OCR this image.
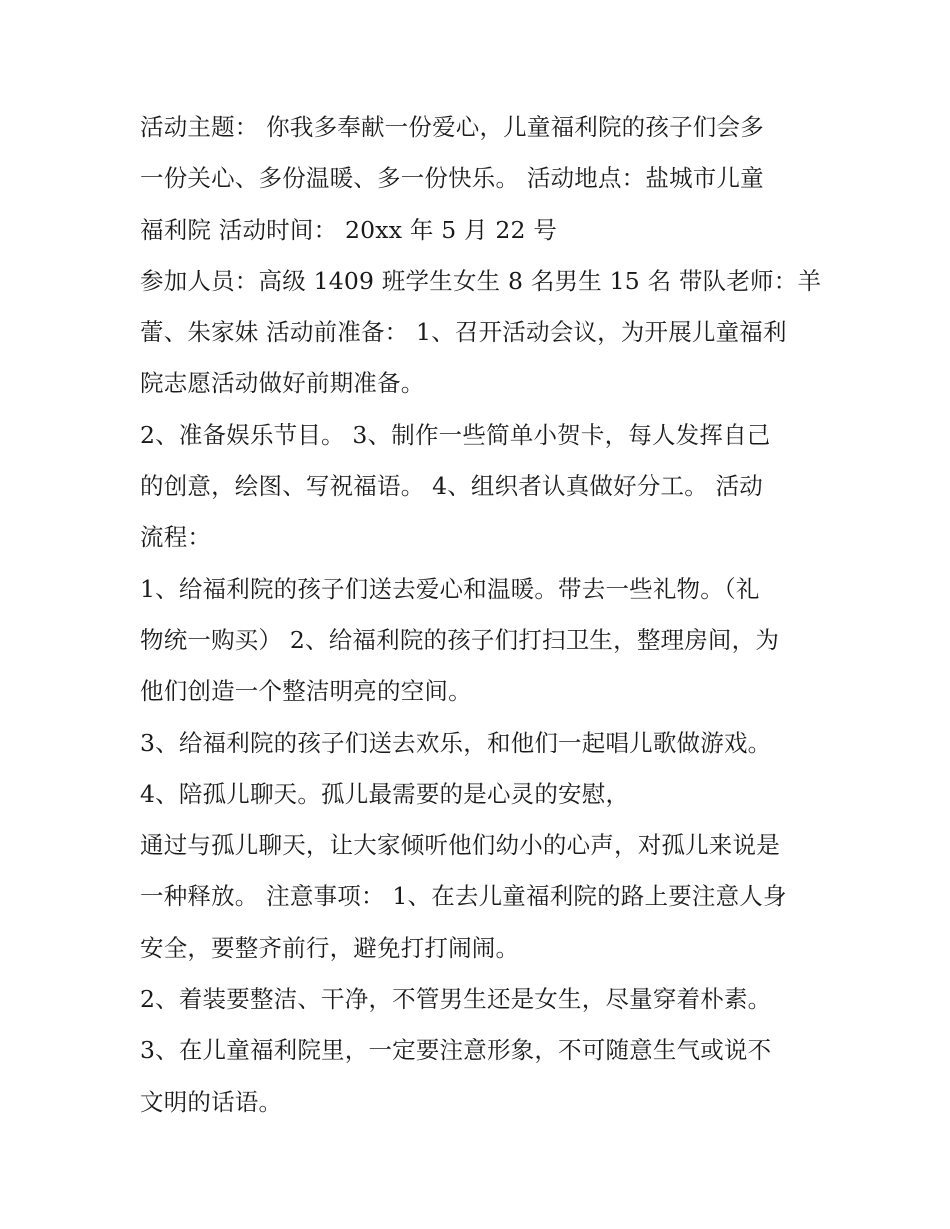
活动主题： 你我多奉献一份爱心，儿童福利院的孩子们会多
一份关心、多份温暖、多一份快乐。 活动地点：盐城市儿童
福利院 活动时间： 20xx 年 5 月 22 号
参加人员：高级 1409 班学生女生 8 名男生 15 名 带队老师：羊
蕾、朱家妹 活动前准备： 1、召开活动会议，为开展儿童福利
院志愿活动做好前期准备。
2、准备娱乐节目。 3、制作一些简单小贺卡，每人发挥自己
的创意，绘图、写祝福语。 4、组织者认真做好分工。 活动
流程：
1、给福利院的孩子们送去爱心和温暖。带去一些礼物。（礼
物统一购买） 2、给福利院的孩子们打扫卫生，整理房间，为
他们创造一个整洁明亮的空间。
3、给福利院的孩子们送去欢乐，和他们一起唱儿歌做游戏。
4、陪孤儿聊天。孤儿最需要的是心灵的安慰，
通过与孤儿聊天，让大家倾听他们幼小的心声，对孤儿来说是
一种释放。 注意事项： 1、在去儿童福利院的路上要注意人身
安全，要整齐前行，避免打打闹闹。
2、着装要整洁、干净，不管男生还是女生，尽量穿着朴素。
3、在儿童福利院里，一定要注意形象，不可随意生气或说不
文明的话语。
